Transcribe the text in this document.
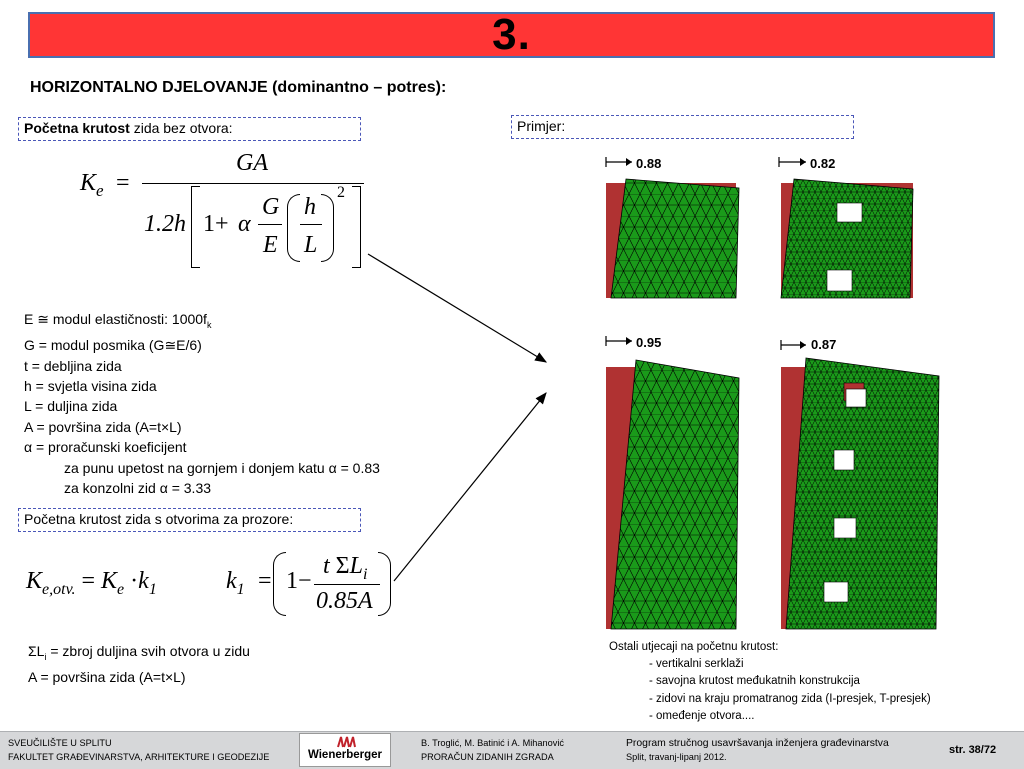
3.
HORIZONTALNO DJELOVANJE (dominantno – potres):
Početna krutost zida bez otvora:	Primjer:
$K_e$ =
GA
1.2h 1+ α
G
E
h
L
2
E ≅ modul elastičnosti: $1000f_k$
G = modul posmika (G≅E/6)
t = debljina zida
h = svjetla visina zida
L = duljina zida
A = površina zida (A=t×L)
α = proračunski koeficijent
za punu upetost na gornjem i donjem katu α = 0.83
za konzolni zid α = 3.33
Početna krutost zida s otvorima za prozore:
$K_{e,otv.} = K_e \cdot k_1$	$k_1 = 1-$
t $\Sigma L_i$
0.85A
$\Sigma L_i$ = zbroj duljina svih otvora u zidu
A = površina zida (A=t×L)
0.88	0.82
0.95	0.87
Ostali utjecaji na početnu krutost:
- vertikalni serklaži
- savojna krutost međukatnih konstrukcija
- zidovi na kraju promatranog zida (I-presjek, T-presjek)
- omeđenje otvora....
SVEUČILIŠTE U SPLITU
FAKULTET GRAĐEVINARSTVA, ARHITEKTURE I GEODEZIJE	Wienerberger
B. Troglić, M. Batinić i A. Mihanović
PRORAČUN ZIDANIH ZGRADA
Program stručnog usavršavanja inženjera građevinarstva
Split, travanj-lipanj 2012.
str. 38/72
